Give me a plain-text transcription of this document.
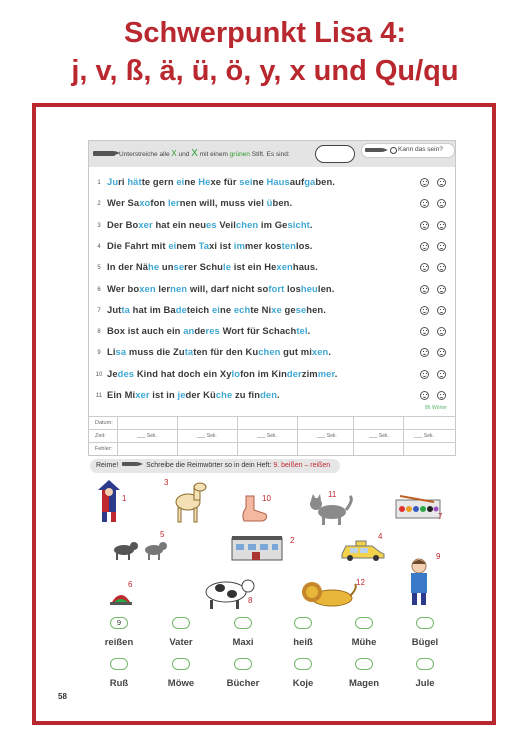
Schwerpunkt Lisa 4:
j, v, ß, ä, ü, ö, y, x und Qu/qu
Unterstreiche alle X und X mit einem grünen Stift. Es sind:
Kann das sein?
1 Juri hätte gern eine Hexe für seine Hausaufgaben.
2 Wer Saxofon lernen will, muss viel üben.
3 Der Boxer hat ein neues Veilchen im Gesicht.
4 Die Fahrt mit einem Taxi ist immer kostenlos.
5 In der Nähe unserer Schule ist ein Hexenhaus.
6 Wer boxen lernen will, darf nicht sofort losheulen.
7 Jutta hat im Badeteich eine echte Nixe gesehen.
8 Box ist auch ein anderes Wort für Schachtel.
9 Lisa muss die Zutaten für den Kuchen gut mixen.
10 Jedes Kind hat doch ein Xylofon im Kinderzimmer.
11 Ein Mixer ist in jeder Küche zu finden.
86 Wörter
Datum:
Zeit:	___ Sek.	___ Sek.	___ Sek.	___ Sek.	___ Sek.	___ Sek.
Fehler:
Reime!	Schreibe die Reimwörter so in dein Heft: 9. beißen – reißen
1
3
10	11
7
5
2	4
9
6
8
12
9
reißen	Vater	Maxi	heiß	Mühe	Bügel
Ruß	Möwe	Bücher	Koje	Magen	Jule
58
